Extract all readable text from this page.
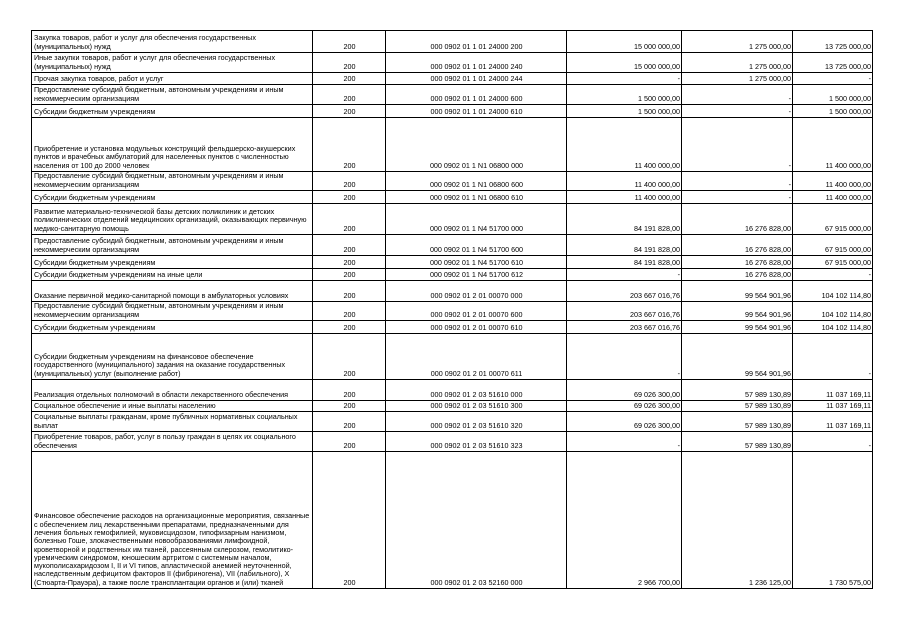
Закупка товаров, работ и услуг для обеспечения государственных (муниципальных) нужд	200	000 0902 01 1 01 24000 200	15 000 000,00	1 275 000,00	13 725 000,00
Иные закупки товаров, работ и услуг для обеспечения государственных (муниципальных) нужд	200	000 0902 01 1 01 24000 240	15 000 000,00	1 275 000,00	13 725 000,00
Прочая закупка товаров, работ и услуг	200	000 0902 01 1 01 24000 244	-	1 275 000,00	-
Предоставление субсидий бюджетным, автономным учреждениям и иным некоммерческим организациям	200	000 0902 01 1 01 24000 600	1 500 000,00	-	1 500 000,00
Субсидии бюджетным учреждениям	200	000 0902 01 1 01 24000 610	1 500 000,00	-	1 500 000,00
Приобретение и установка модульных конструкций фельдшерско-акушерских пунктов и врачебных амбулаторий для населенных пунктов с численностью населения от 100 до 2000 человек	200	000 0902 01 1 N1 06800 000	11 400 000,00	-	11 400 000,00
Предоставление субсидий бюджетным, автономным учреждениям и иным некоммерческим организациям	200	000 0902 01 1 N1 06800 600	11 400 000,00	-	11 400 000,00
Субсидии бюджетным учреждениям	200	000 0902 01 1 N1 06800 610	11 400 000,00	-	11 400 000,00
Развитие материально-технической базы детских поликлиник и детских поликлинических отделений медицинских организаций, оказывающих первичную медико-санитарную помощь	200	000 0902 01 1 N4 51700 000	84 191 828,00	16 276 828,00	67 915 000,00
Предоставление субсидий бюджетным, автономным учреждениям и иным некоммерческим организациям	200	000 0902 01 1 N4 51700 600	84 191 828,00	16 276 828,00	67 915 000,00
Субсидии бюджетным учреждениям	200	000 0902 01 1 N4 51700 610	84 191 828,00	16 276 828,00	67 915 000,00
Субсидии бюджетным учреждениям на иные цели	200	000 0902 01 1 N4 51700 612	-	16 276 828,00	-
Оказание первичной медико-санитарной помощи в амбулаторных условиях	200	000 0902 01 2 01 00070 000	203 667 016,76	99 564 901,96	104 102 114,80
Предоставление субсидий бюджетным, автономным учреждениям и иным некоммерческим организациям	200	000 0902 01 2 01 00070 600	203 667 016,76	99 564 901,96	104 102 114,80
Субсидии бюджетным учреждениям	200	000 0902 01 2 01 00070 610	203 667 016,76	99 564 901,96	104 102 114,80
Субсидии бюджетным учреждениям на финансовое обеспечение государственного (муниципального) задания на оказание государственных (муниципальных) услуг (выполнение работ)	200	000 0902 01 2 01 00070 611	-	99 564 901,96	-
Реализация отдельных полномочий в области лекарственного обеспечения	200	000 0902 01 2 03 51610 000	69 026 300,00	57 989 130,89	11 037 169,11
Социальное обеспечение и иные выплаты населению	200	000 0902 01 2 03 51610 300	69 026 300,00	57 989 130,89	11 037 169,11
Социальные выплаты гражданам, кроме публичных нормативных социальных выплат	200	000 0902 01 2 03 51610 320	69 026 300,00	57 989 130,89	11 037 169,11
Приобретение товаров, работ, услуг в пользу граждан в целях их социального обеспечения	200	000 0902 01 2 03 51610 323	-	57 989 130,89	-
Финансовое обеспечение расходов на организационные мероприятия, связанные с обеспечением лиц лекарственными препаратами, предназначенными для лечения больных гемофилией, муковисцидозом, гипофизарным нанизмом, болезнью Гоше, злокачественными новообразованиями лимфоидной, кроветворной и родственных им тканей, рассеянным склерозом, гемолитико-уремическим синдромом, юношеским артритом с системным началом, мукополисахаридозом I, II и VI типов, апластической анемией неуточненной, наследственным дефицитом факторов II (фибриногена), VII (лабильного), X (Стюарта-Прауэра), а также после трансплантации органов и (или) тканей	200	000 0902 01 2 03 52160 000	2 966 700,00	1 236 125,00	1 730 575,00
